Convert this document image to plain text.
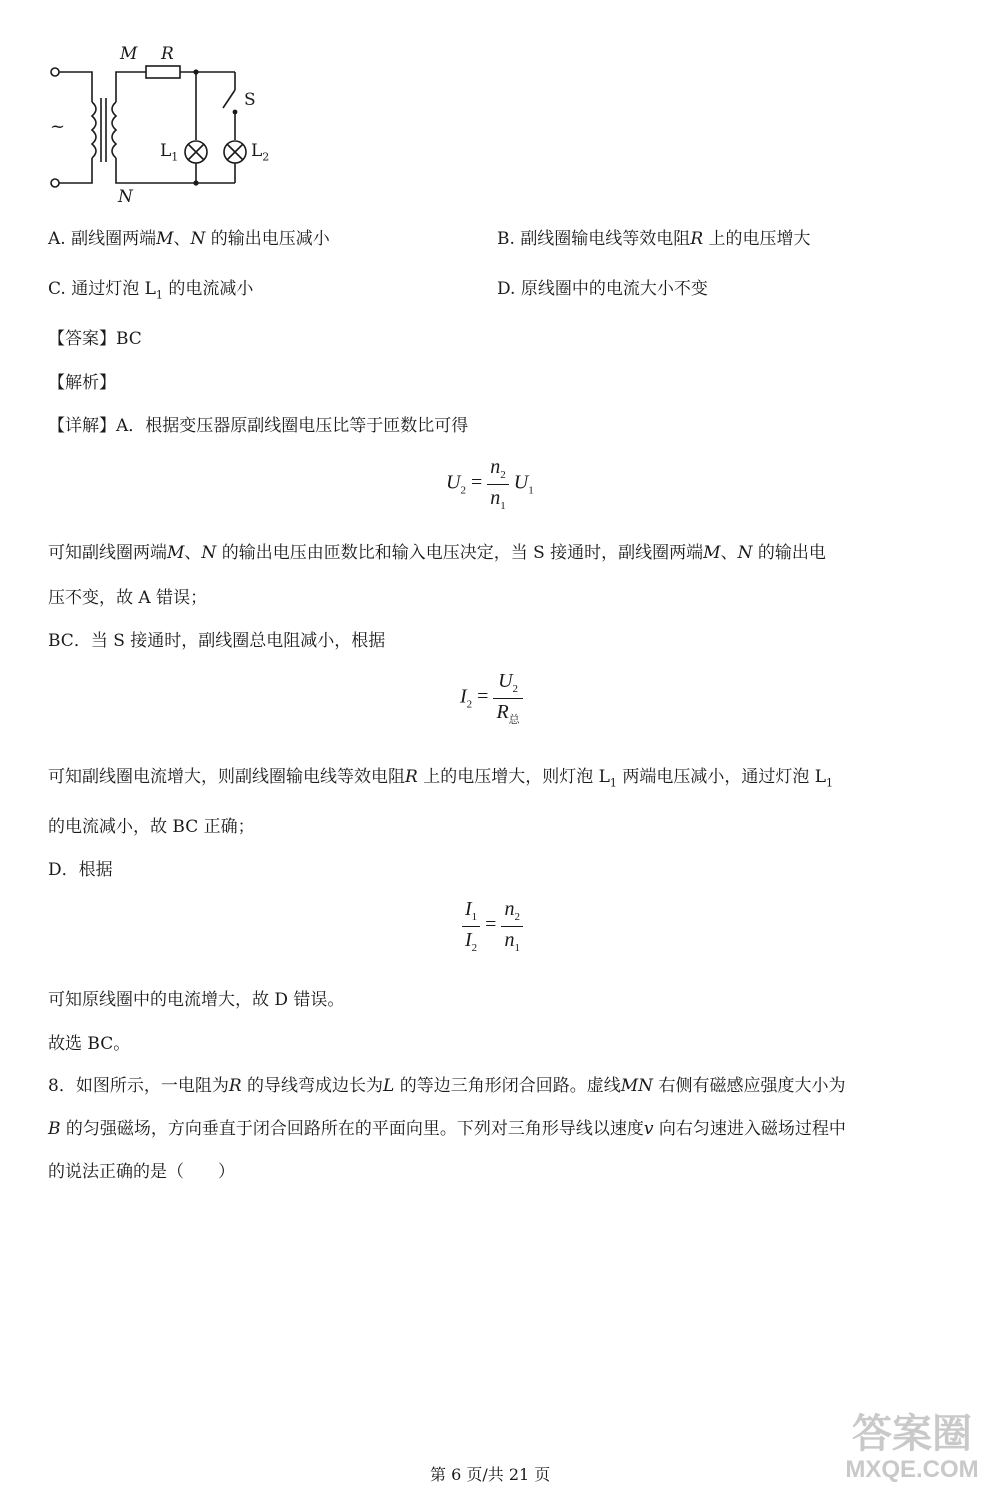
~
M R
S
$L_1$	$L_2$
N
A. 副线圈两端M、N 的输出电压减小	B. 副线圈输电线等效电阻R 上的电压增大
C. 通过灯泡 $L_1$ 的电流减小	D. 原线圈中的电流大小不变
【答案】BC
【解析】
【详解】A．根据变压器原副线圈电压比等于匝数比可得
$U_2 = \frac{n_2}{n_1} U_1$
可知副线圈两端M、N 的输出电压由匝数比和输入电压决定，当 S 接通时，副线圈两端M、N 的输出电
压不变，故 A 错误；
BC．当 S 接通时，副线圈总电阻减小，根据
$I_2 = \frac{U_2}{R_总}$
可知副线圈电流增大，则副线圈输电线等效电阻R 上的电压增大，则灯泡 $L_1$ 两端电压减小，通过灯泡 $L_1$
的电流减小，故 BC 正确；
D．根据
$\frac{I_1}{I_2} = \frac{n_2}{n_1}$
可知原线圈中的电流增大，故 D 错误。
故选 BC。
8．如图所示，一电阻为R 的导线弯成边长为L 的等边三角形闭合回路。虚线MN 右侧有磁感应强度大小为
B 的匀强磁场，方向垂直于闭合回路所在的平面向里。下列对三角形导线以速度v 向右匀速进入磁场过程中
的说法正确的是（　　）
第 6 页/共 21 页
答案圈
MXQE.COM
